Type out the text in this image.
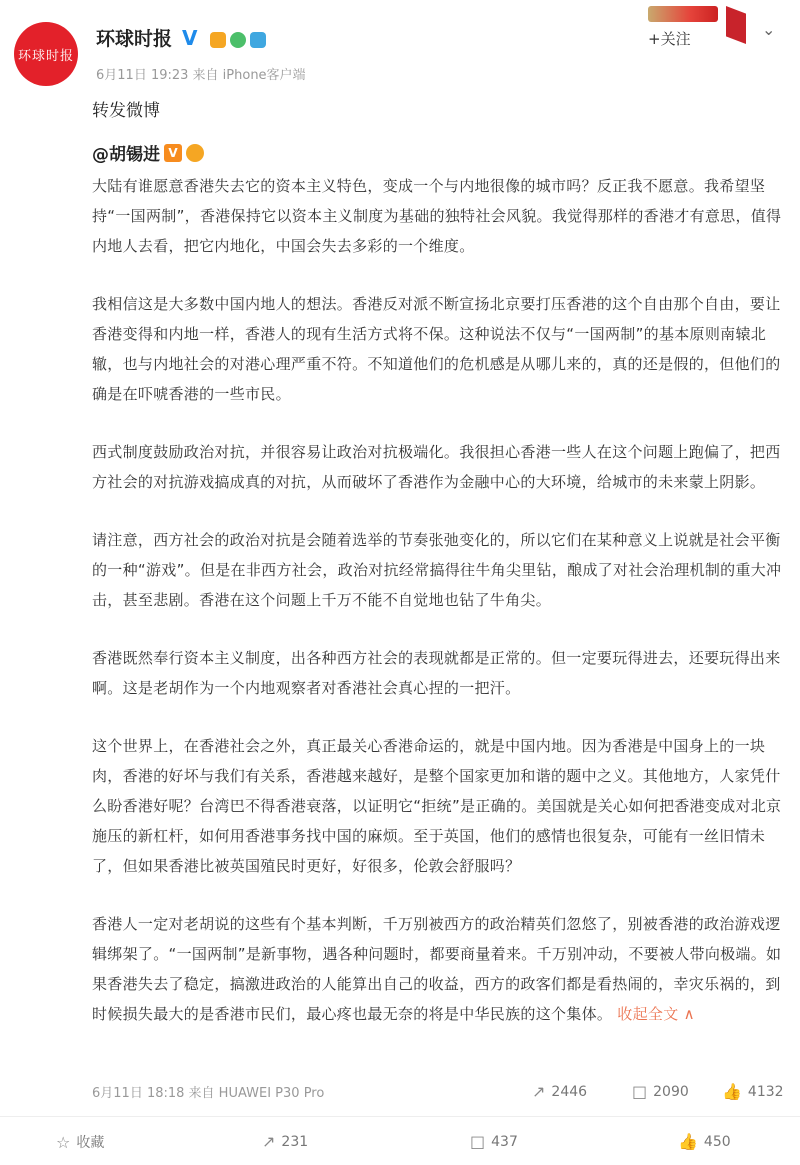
环球时报
环球时报 V
6月11日 19:23 来自 iPhone客户端
+关注	⌄
转发微博
@胡锡进 V

大陆有谁愿意香港失去它的资本主义特色，变成一个与内地很像的城市吗？反正我不愿意。我希望坚持“一国两制”，香港保持它以资本主义制度为基础的独特社会风貌。我觉得那样的香港才有意思，值得内地人去看，把它内地化，中国会失去多彩的一个维度。

我相信这是大多数中国内地人的想法。香港反对派不断宣扬北京要打压香港的这个自由那个自由，要让香港变得和内地一样，香港人的现有生活方式将不保。这种说法不仅与“一国两制”的基本原则南辕北辙，也与内地社会的对港心理严重不符。不知道他们的危机感是从哪儿来的，真的还是假的，但他们的确是在吓唬香港的一些市民。

西式制度鼓励政治对抗，并很容易让政治对抗极端化。我很担心香港一些人在这个问题上跑偏了，把西方社会的对抗游戏搞成真的对抗，从而破坏了香港作为金融中心的大环境，给城市的未来蒙上阴影。

请注意，西方社会的政治对抗是会随着选举的节奏张弛变化的，所以它们在某种意义上说就是社会平衡的一种“游戏”。但是在非西方社会，政治对抗经常搞得往牛角尖里钻，酿成了对社会治理机制的重大冲击，甚至悲剧。香港在这个问题上千万不能不自觉地也钻了牛角尖。

香港既然奉行资本主义制度，出各种西方社会的表现就都是正常的。但一定要玩得进去，还要玩得出来啊。这是老胡作为一个内地观察者对香港社会真心捏的一把汗。

这个世界上，在香港社会之外，真正最关心香港命运的，就是中国内地。因为香港是中国身上的一块肉，香港的好坏与我们有关系，香港越来越好，是整个国家更加和谐的题中之义。其他地方，人家凭什么盼香港好呢？台湾巴不得香港衰落，以证明它“拒统”是正确的。美国就是关心如何把香港变成对北京施压的新杠杆，如何用香港事务找中国的麻烦。至于英国，他们的感情也很复杂，可能有一丝旧情未了，但如果香港比被英国殖民时更好，好很多，伦敦会舒服吗？

香港人一定对老胡说的这些有个基本判断，千万别被西方的政治精英们忽悠了，别被香港的政治游戏逻辑绑架了。“一国两制”是新事物，遇各种问题时，都要商量着来。千万别冲动，不要被人带向极端。如果香港失去了稳定，搞激进政治的人能算出自己的收益，西方的政客们都是看热闹的，幸灾乐祸的，到时候损失最大的是香港市民们，最心疼也最无奈的将是中华民族的这个集体。 收起全文 ∧

6月11日 18:18 来自 HUAWEI P30 Pro	↗ 2446	□ 2090 👍 4132
☆ 收藏	↗ 231	□ 437	👍 450
